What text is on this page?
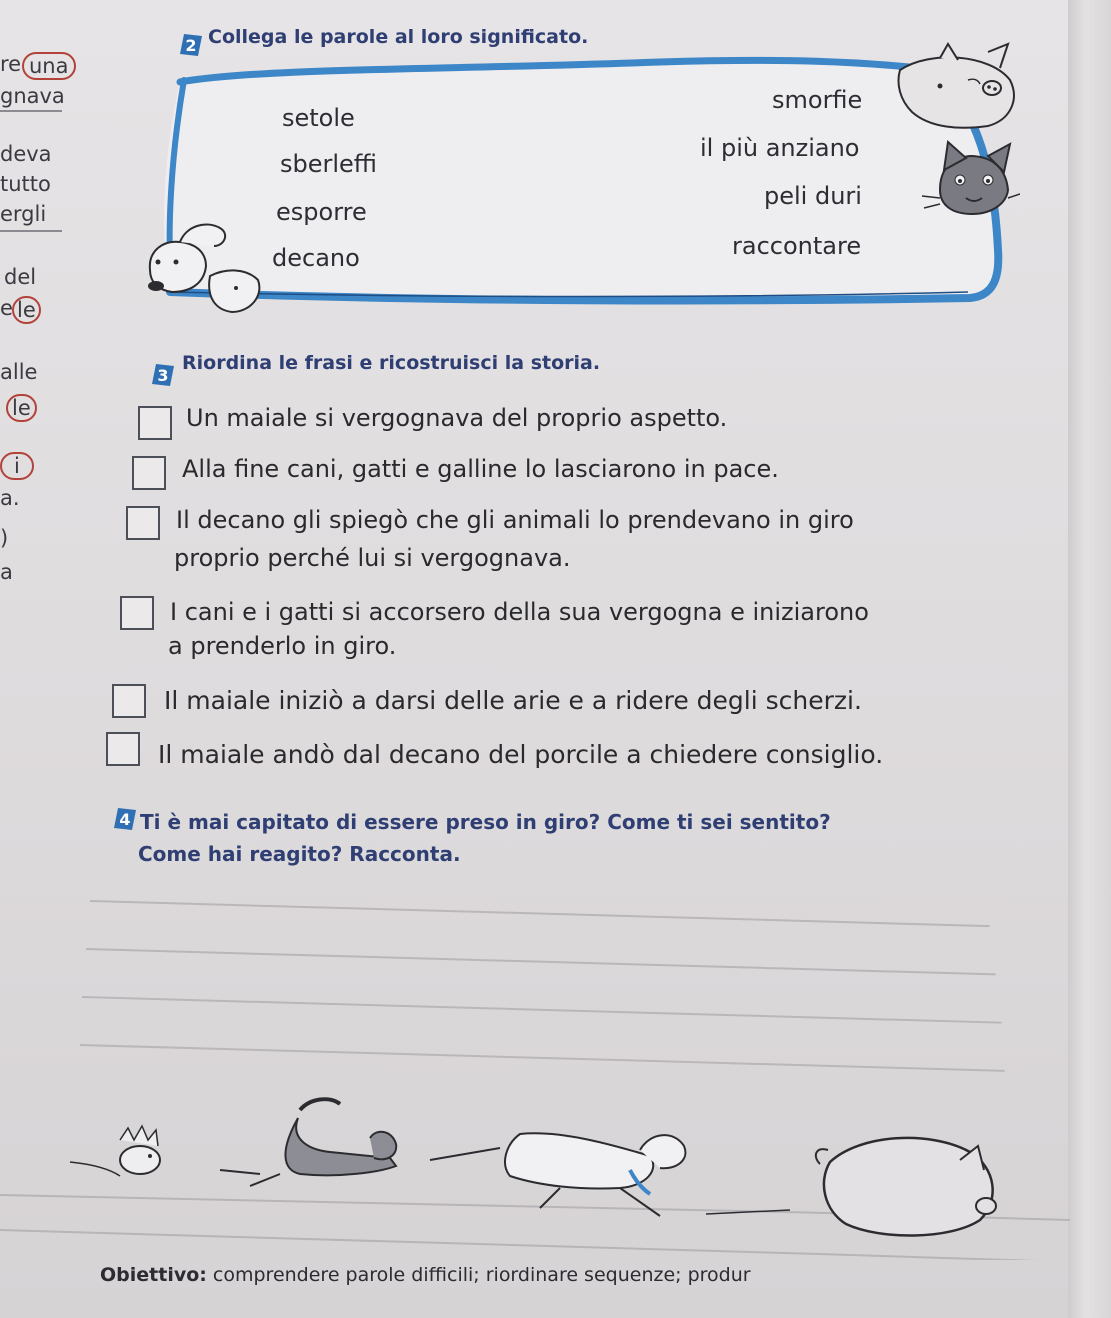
re una
gnava
deva
tutto
ergli
del
e le
alle
le
i
a.
)
a
2 Collega le parole al loro significato.
setole
sberleffi
esporre
decano
smorfie
il più anziano
peli duri
raccontare
3
Riordina le frasi e ricostruisci la storia.
Un maiale si vergognava del proprio aspetto.
Alla fine cani, gatti e galline lo lasciarono in pace.
Il decano gli spiegò che gli animali lo prendevano in giro
proprio perché lui si vergognava.
I cani e i gatti si accorsero della sua vergogna e iniziarono
a prenderlo in giro.
Il maiale iniziò a darsi delle arie e a ridere degli scherzi.
Il maiale andò dal decano del porcile a chiedere consiglio.
4 Ti è mai capitato di essere preso in giro? Come ti sei sentito?
Come hai reagito? Racconta.
Obiettivo: comprendere parole difficili; riordinare sequenze; produr
